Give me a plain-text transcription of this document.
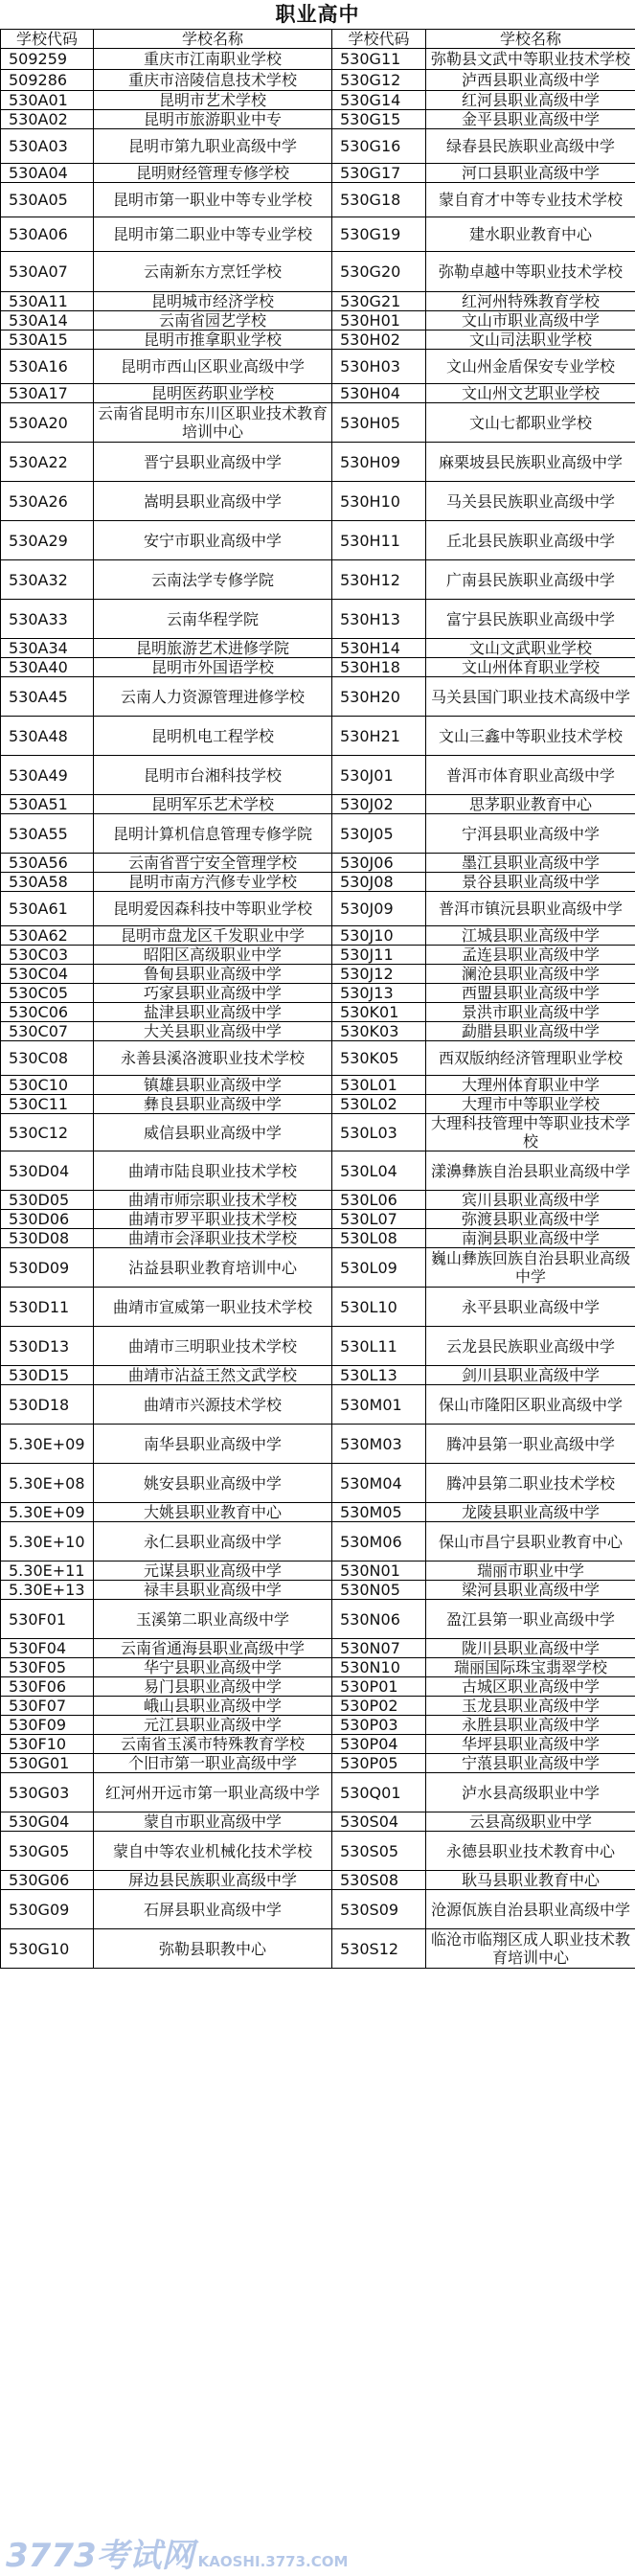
职业高中
学校代码	学校名称	学校代码	学校名称
509259	重庆市江南职业学校	530G11	弥勒县文武中等职业技术学校
509286	重庆市涪陵信息技术学校	530G12	泸西县职业高级中学
530A01	昆明市艺术学校	530G14	红河县职业高级中学
530A02	昆明市旅游职业中专	530G15	金平县职业高级中学
530A03	昆明市第九职业高级中学	530G16	绿春县民族职业高级中学
530A04	昆明财经管理专修学校	530G17	河口县职业高级中学
530A05	昆明市第一职业中等专业学校	530G18	蒙自育才中等专业技术学校
530A06	昆明市第二职业中等专业学校	530G19	建水职业教育中心
530A07	云南新东方烹饪学校	530G20	弥勒卓越中等职业技术学校
530A11	昆明城市经济学校	530G21	红河州特殊教育学校
530A14	云南省园艺学校	530H01	文山市职业高级中学
530A15	昆明市推拿职业学校	530H02	文山司法职业学校
530A16	昆明市西山区职业高级中学	530H03	文山州金盾保安专业学校
530A17	昆明医药职业学校	530H04	文山州文艺职业学校
530A20	云南省昆明市东川区职业技术教育培训中心	530H05	文山七都职业学校
530A22	晋宁县职业高级中学	530H09	麻栗坡县民族职业高级中学
530A26	嵩明县职业高级中学	530H10	马关县民族职业高级中学
530A29	安宁市职业高级中学	530H11	丘北县民族职业高级中学
530A32	云南法学专修学院	530H12	广南县民族职业高级中学
530A33	云南华程学院	530H13	富宁县民族职业高级中学
530A34	昆明旅游艺术进修学院	530H14	文山文武职业学校
530A40	昆明市外国语学校	530H18	文山州体育职业学校
530A45	云南人力资源管理进修学校	530H20	马关县国门职业技术高级中学
530A48	昆明机电工程学校	530H21	文山三鑫中等职业技术学校
530A49	昆明市台湘科技学校	530J01	普洱市体育职业高级中学
530A51	昆明军乐艺术学校	530J02	思茅职业教育中心
530A55	昆明计算机信息管理专修学院	530J05	宁洱县职业高级中学
530A56	云南省晋宁安全管理学校	530J06	墨江县职业高级中学
530A58	昆明市南方汽修专业学校	530J08	景谷县职业高级中学
530A61	昆明爱因森科技中等职业学校	530J09	普洱市镇沅县职业高级中学
530A62	昆明市盘龙区千发职业中学	530J10	江城县职业高级中学
530C03	昭阳区高级职业中学	530J11	孟连县职业高级中学
530C04	鲁甸县职业高级中学	530J12	澜沧县职业高级中学
530C05	巧家县职业高级中学	530J13	西盟县职业高级中学
530C06	盐津县职业高级中学	530K01	景洪市职业高级中学
530C07	大关县职业高级中学	530K03	勐腊县职业高级中学
530C08	永善县溪洛渡职业技术学校	530K05	西双版纳经济管理职业学校
530C10	镇雄县职业高级中学	530L01	大理州体育职业中学
530C11	彝良县职业高级中学	530L02	大理市中等职业学校
530C12	威信县职业高级中学	530L03	大理科技管理中等职业技术学校
530D04	曲靖市陆良职业技术学校	530L04	漾濞彝族自治县职业高级中学
530D05	曲靖市师宗职业技术学校	530L06	宾川县职业高级中学
530D06	曲靖市罗平职业技术学校	530L07	弥渡县职业高级中学
530D08	曲靖市会泽职业技术学校	530L08	南涧县职业高级中学
530D09	沾益县职业教育培训中心	530L09	巍山彝族回族自治县职业高级中学
530D11	曲靖市宣威第一职业技术学校	530L10	永平县职业高级中学
530D13	曲靖市三明职业技术学校	530L11	云龙县民族职业高级中学
530D15	曲靖市沾益王然文武学校	530L13	剑川县职业高级中学
530D18	曲靖市兴源技术学校	530M01	保山市隆阳区职业高级中学
5.30E+09	南华县职业高级中学	530M03	腾冲县第一职业高级中学
5.30E+08	姚安县职业高级中学	530M04	腾冲县第二职业技术学校
5.30E+09	大姚县职业教育中心	530M05	龙陵县职业高级中学
5.30E+10	永仁县职业高级中学	530M06	保山市昌宁县职业教育中心
5.30E+11	元谋县职业高级中学	530N01	瑞丽市职业中学
5.30E+13	禄丰县职业高级中学	530N05	梁河县职业高级中学
530F01	玉溪第二职业高级中学	530N06	盈江县第一职业高级中学
530F04	云南省通海县职业高级中学	530N07	陇川县职业高级中学
530F05	华宁县职业高级中学	530N10	瑞丽国际珠宝翡翠学校
530F06	易门县职业高级中学	530P01	古城区职业高级中学
530F07	峨山县职业高级中学	530P02	玉龙县职业高级中学
530F09	元江县职业高级中学	530P03	永胜县职业高级中学
530F10	云南省玉溪市特殊教育学校	530P04	华坪县职业高级中学
530G01	个旧市第一职业高级中学	530P05	宁蒗县职业高级中学
530G03	红河州开远市第一职业高级中学	530Q01	泸水县高级职业中学
530G04	蒙自市职业高级中学	530S04	云县高级职业中学
530G05	蒙自中等农业机械化技术学校	530S05	永德县职业技术教育中心
530G06	屏边县民族职业高级中学	530S08	耿马县职业教育中心
530G09	石屏县职业高级中学	530S09	沧源佤族自治县职业高级中学
530G10	弥勒县职教中心	530S12	临沧市临翔区成人职业技术教育培训中心
3773考试网 KAOSHI.3773.COM
